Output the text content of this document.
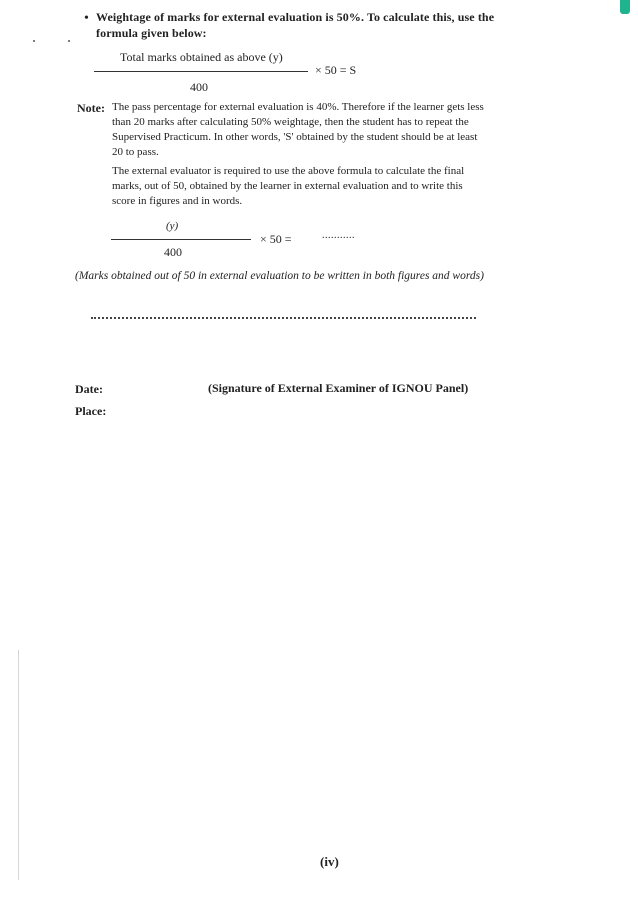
• Weightage of marks for external evaluation is 50%. To calculate this, use the formula given below:
Total marks obtained as above (y)
× 50 = S
400
Note: The pass percentage for external evaluation is 40%. Therefore if the learner gets less than 20 marks after calculating 50% weightage, then the student has to repeat the Supervised Practicum. In other words, 'S' obtained by the student should be at least 20 to pass.
The external evaluator is required to use the above formula to calculate the final marks, out of 50, obtained by the learner in external evaluation and to write this score in figures and in words.
(y)
× 50 =	...........
400
(Marks obtained out of 50 in external evaluation to be written in both figures and words)
Date:	(Signature of External Examiner of IGNOU Panel)
Place:
(iv)
